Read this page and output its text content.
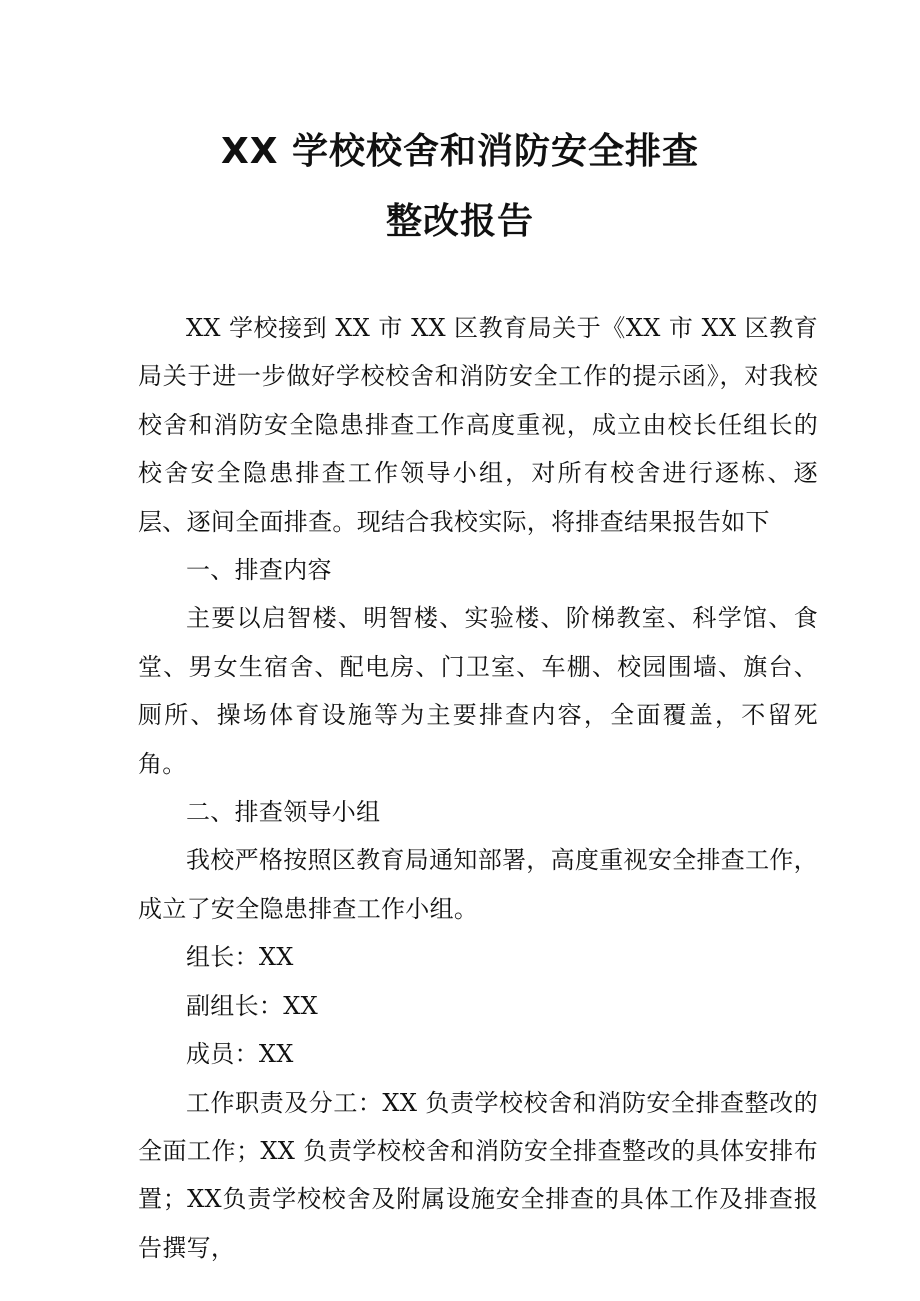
XX 学校校舍和消防安全排查
整改报告

XX 学校接到 XX 市 XX 区教育局关于《XX 市 XX 区教育局关于进一步做好学校校舍和消防安全工作的提示函》，对我校校舍和消防安全隐患排查工作高度重视，成立由校长任组长的校舍安全隐患排查工作领导小组，对所有校舍进行逐栋、逐层、逐间全面排查。现结合我校实际，将排查结果报告如下

一、排查内容

主要以启智楼、明智楼、实验楼、阶梯教室、科学馆、食堂、男女生宿舍、配电房、门卫室、车棚、校园围墙、旗台、厕所、操场体育设施等为主要排查内容，全面覆盖，不留死角。

二、排查领导小组

我校严格按照区教育局通知部署，高度重视安全排查工作，成立了安全隐患排查工作小组。

组长：XX

副组长：XX

成员：XX

工作职责及分工：XX 负责学校校舍和消防安全排查整改的全面工作；XX 负责学校校舍和消防安全排查整改的具体安排布置；XX负责学校校舍及附属设施安全排查的具体工作及排查报告撰写，
